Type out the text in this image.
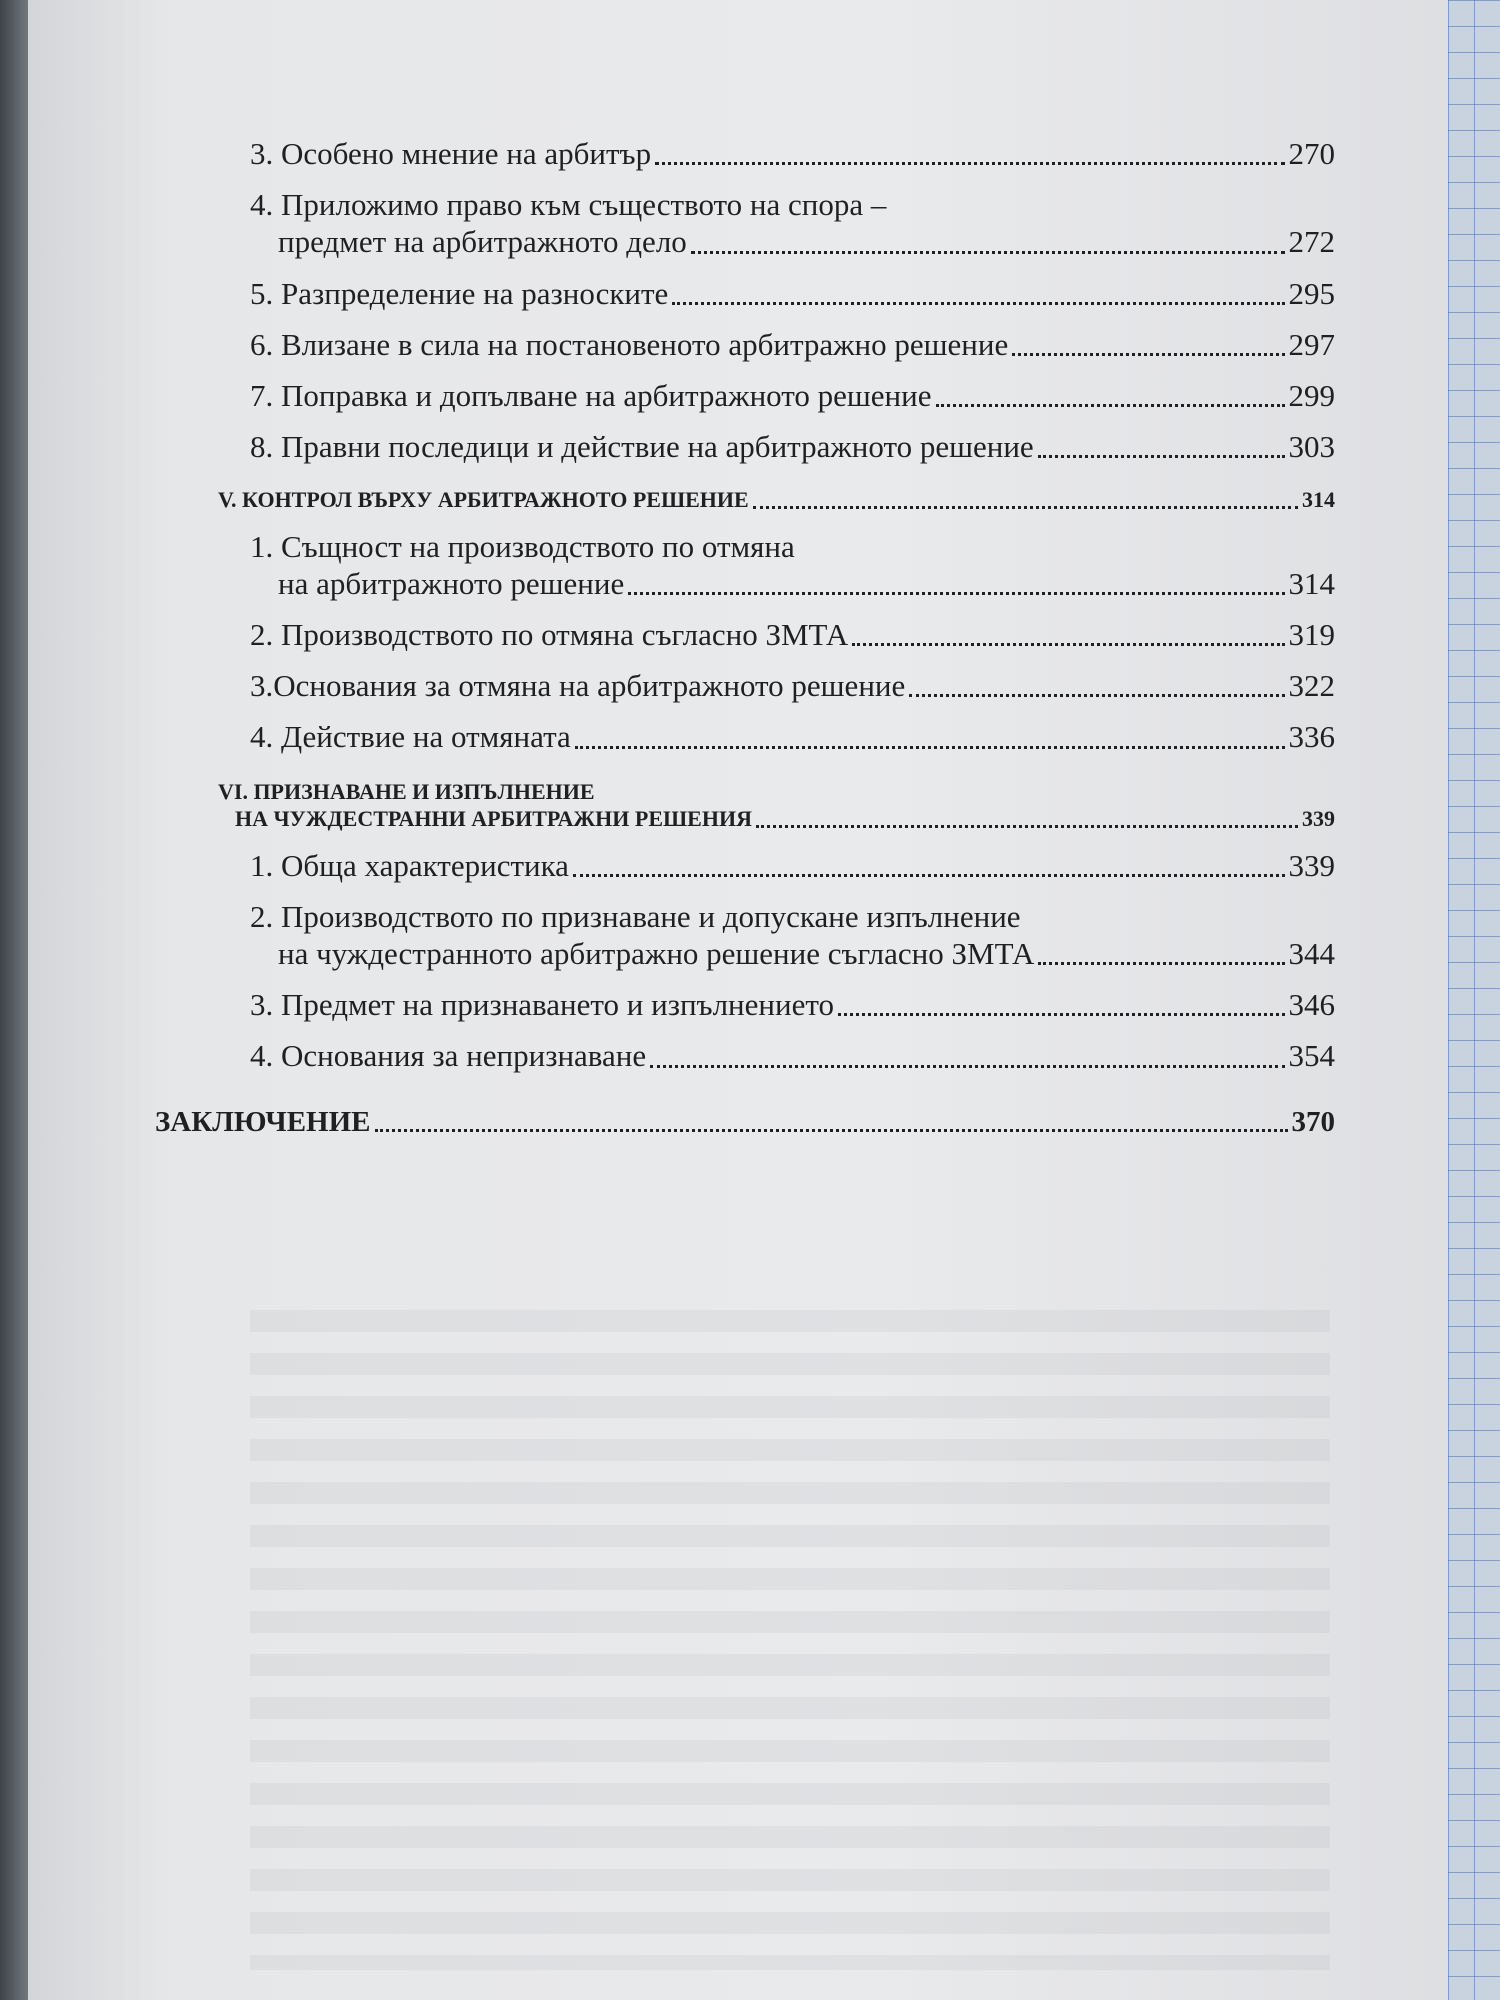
3. Особено мнение на арбитър	270
4. Приложимо право към съществото на спора –
предмет на арбитражното дело	272
5. Разпределение на разноските	295
6. Влизане в сила на постановеното арбитражно решение	297
7. Поправка и допълване на арбитражното решение	299
8. Правни последици и действие на арбитражното решение	303
V. КОНТРОЛ ВЪРХУ АРБИТРАЖНОТО РЕШЕНИЕ	314
1. Същност на производството по отмяна
на арбитражното решение	314
2. Производството по отмяна съгласно ЗМТА	319
3.Основания за отмяна на арбитражното решение	322
4. Действие на отмяната	336
VI. ПРИЗНАВАНЕ И ИЗПЪЛНЕНИЕ
НА ЧУЖДЕСТРАННИ АРБИТРАЖНИ РЕШЕНИЯ	339
1. Обща характеристика	339
2. Производството по признаване и допускане изпълнение
на чуждестранното арбитражно решение съгласно ЗМТА	344
3. Предмет на признаването и изпълнението	346
4. Основания за непризнаване	354
ЗАКЛЮЧЕНИЕ	370
